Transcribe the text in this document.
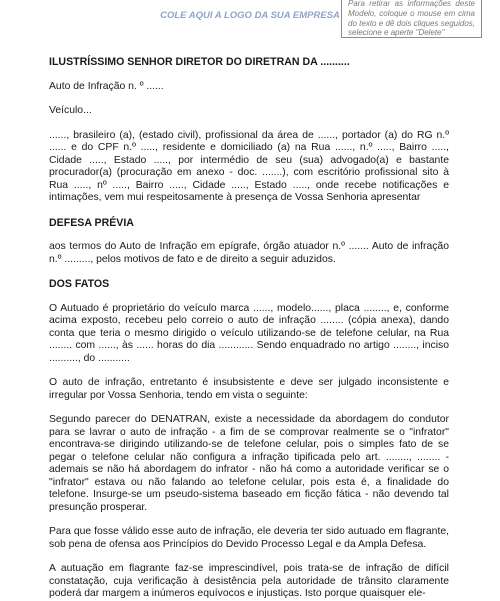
COLE AQUI A LOGO DA SUA EMPRESA
Para retirar as informações deste Modelo, coloque o mouse em cima do texto e dê dois cliques seguidos, selecione e aperte "Delete"

ILUSTRÍSSIMO SENHOR DIRETOR DO DIRETRAN DA ..........

Auto de Infração n. º ......

Veículo...

......, brasileiro (a), (estado civil), profissional da área de ......, portador (a) do RG n.º ...... e do CPF n.º ....., residente e domiciliado (a) na Rua ......, n.º ....., Bairro ....., Cidade ....., Estado ....., por intermédio de seu (sua) advogado(a) e bastante procurador(a) (procuração em anexo - doc. .......), com escritório profissional sito à Rua ....., nº ....., Bairro ....., Cidade ....., Estado ....., onde recebe notificações e intimações, vem mui respeitosamente à presença de Vossa Senhoria apresentar

DEFESA PRÉVIA

aos termos do Auto de Infração em epígrafe, órgão atuador n.º ....... Auto de infração n.º ........., pelos motivos de fato e de direito a seguir aduzidos.

DOS FATOS

O Autuado é proprietário do veículo marca ......, modelo......, placa ........, e, conforme acima exposto, recebeu pelo correio o auto de infração ........ (cópia anexa), dando conta que teria o mesmo dirigido o veículo utilizando-se de telefone celular, na Rua ........ com ......, às ...... horas do dia ............ Sendo enquadrado no artigo ........, inciso .........., do ...........

O auto de infração, entretanto é insubsistente e deve ser julgado inconsistente e irregular por Vossa Senhoria, tendo em vista o seguinte:

Segundo parecer do DENATRAN, existe a necessidade da abordagem do condutor para se lavrar o auto de infração - a fim de se comprovar realmente se o "infrator" encontrava-se dirigindo utilizando-se de telefone celular, pois o simples fato de se pegar o telefone celular não configura a infração tipificada pelo art. ........, ........ - ademais se não há abordagem do infrator - não há como a autoridade verificar se o "infrator" estava ou não falando ao telefone celular, pois esta é, a finalidade do telefone. Insurge-se um pseudo-sistema baseado em ficção fática - não devendo tal presunção prosperar.

Para que fosse válido esse auto de infração, ele deveria ter sido autuado em flagrante, sob pena de ofensa aos Princípios do Devido Processo Legal e da Ampla Defesa.

A autuação em flagrante faz-se imprescindível, pois trata-se de infração de difícil constatação, cuja verificação à desistência pela autoridade de trânsito claramente poderá dar margem a inúmeros equívocos e injustiças. Isto porque quaisquer ele-
